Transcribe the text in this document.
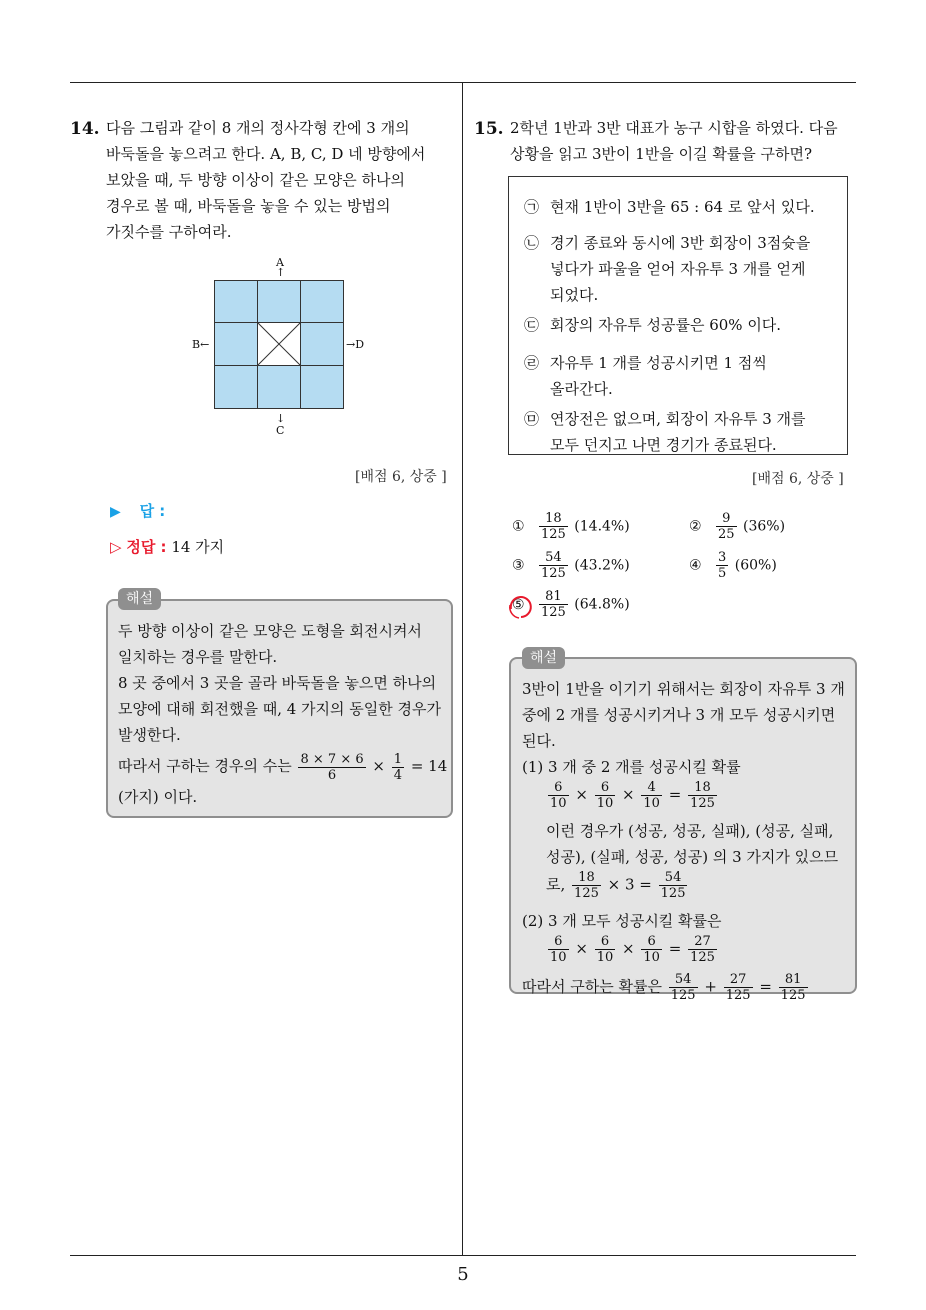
5
14. 다음 그림과 같이 8 개의 정사각형 칸에 3 개의
바둑돌을 놓으려고 한다. A, B, C, D 네 방향에서
보았을 때, 두 방향 이상이 같은 모양은 하나의
경우로 볼 때, 바둑돌을 놓을 수 있는 방법의
가짓수를 구하여라.
A
↑
B←	→D
↓
C
[배점 6, 상중 ]
▶ 답 :
▷ 정답 : 14 가지
해설
두 방향 이상이 같은 모양은 도형을 회전시켜서
일치하는 경우를 말한다.
8 곳 중에서 3 곳을 골라 바둑돌을 놓으면 하나의
모양에 대해 회전했을 때, 4 가지의 동일한 경우가
발생한다.
따라서 구하는 경우의 수는 $\frac{8 \times 7 \times 6}{6} \times \frac{1}{4} = 14$
(가지) 이다.
15. 2학년 1반과 3반 대표가 농구 시합을 하였다. 다음
상황을 읽고 3반이 1반을 이길 확률을 구하면?
㉠ 현재 1반이 3반을 65 : 64 로 앞서 있다.
㉡ 경기 종료와 동시에 3반 회장이 3점슛을
넣다가 파울을 얻어 자유투 3 개를 얻게
되었다.
㉢ 회장의 자유투 성공률은 60% 이다.
㉣ 자유투 1 개를 성공시키면 1 점씩
올라간다.
㉤ 연장전은 없으며, 회장이 자유투 3 개를
모두 던지고 나면 경기가 종료된다.
[배점 6, 상중 ]
① $\frac{18}{125} (14.4\%)$	② $\frac{9}{25} (36\%)$
③ $\frac{54}{125} (43.2\%)$	④ $\frac{3}{5} (60\%)$
⑤ $\frac{81}{125} (64.8\%)$
해설
3반이 1반을 이기기 위해서는 회장이 자유투 3 개
중에 2 개를 성공시키거나 3 개 모두 성공시키면
된다.
(1) 3 개 중 2 개를 성공시킬 확률
$\frac{6}{10} \times \frac{6}{10} \times \frac{4}{10} = \frac{18}{125}$
이런 경우가 (성공, 성공, 실패), (성공, 실패,
성공), (실패, 성공, 성공) 의 3 가지가 있으므
로, $\frac{18}{125} \times 3 = \frac{54}{125}$
(2) 3 개 모두 성공시킬 확률은
$\frac{6}{10} \times \frac{6}{10} \times \frac{6}{10} = \frac{27}{125}$
따라서 구하는 확률은 $\frac{54}{125} + \frac{27}{125} = \frac{81}{125}$
